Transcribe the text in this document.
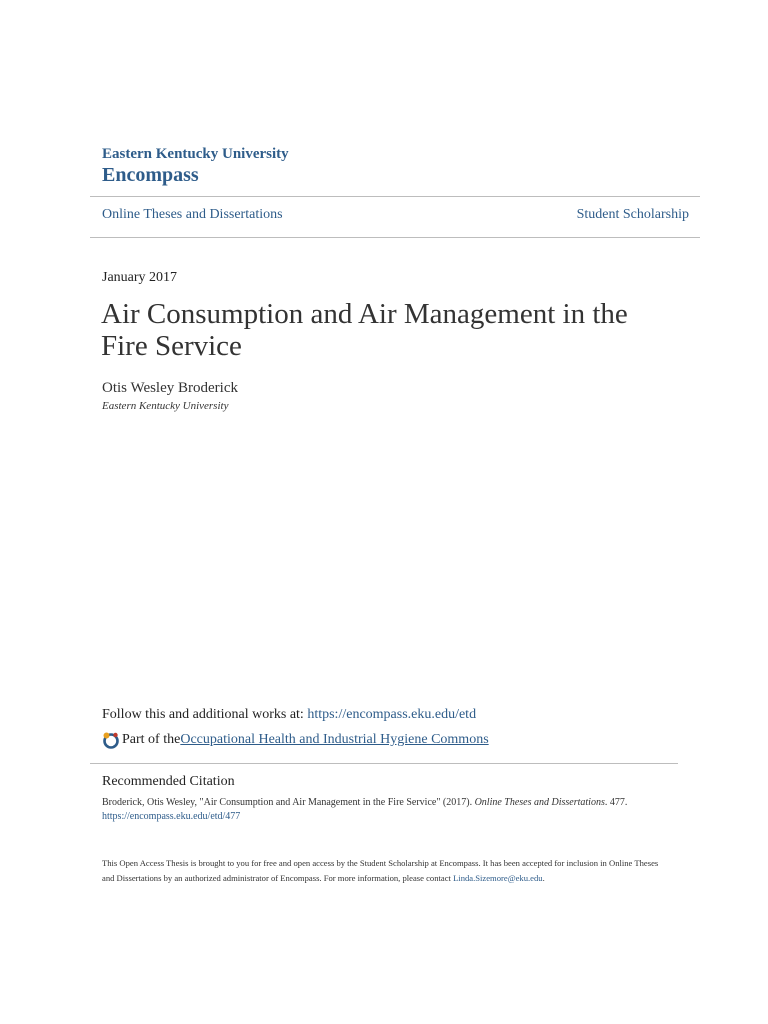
Eastern Kentucky University
Encompass
Online Theses and Dissertations	Student Scholarship
January 2017
Air Consumption and Air Management in the Fire Service
Otis Wesley Broderick
Eastern Kentucky University
Follow this and additional works at: https://encompass.eku.edu/etd
Part of the Occupational Health and Industrial Hygiene Commons
Recommended Citation
Broderick, Otis Wesley, "Air Consumption and Air Management in the Fire Service" (2017). Online Theses and Dissertations. 477.
https://encompass.eku.edu/etd/477
This Open Access Thesis is brought to you for free and open access by the Student Scholarship at Encompass. It has been accepted for inclusion in Online Theses and Dissertations by an authorized administrator of Encompass. For more information, please contact Linda.Sizemore@eku.edu.
